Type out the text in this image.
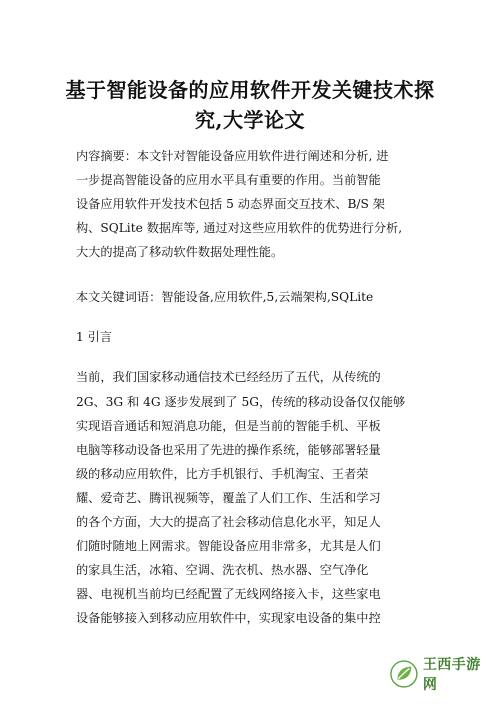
基于智能设备的应用软件开发关键技术探
究,大学论文
内容摘要：本文针对智能设备应用软件进行阐述和分析, 进
一步提高智能设备的应用水平具有重要的作用。当前智能
设备应用软件开发技术包括 5 动态界面交互技术、B/S 架
构、SQLite 数据库等, 通过对这些应用软件的优势进行分析,
大大的提高了移动软件数据处理性能。
本文关键词语：智能设备,应用软件,5,云端架构,SQLite
1 引言
当前，我们国家移动通信技术已经经历了五代，从传统的
2G、3G 和 4G 逐步发展到了 5G，传统的移动设备仅仅能够
实现语音通话和短消息功能，但是当前的智能手机、平板
电脑等移动设备也采用了先进的操作系统，能够部署轻量
级的移动应用软件，比方手机银行、手机淘宝、王者荣
耀、爱奇艺、腾讯视频等，覆盖了人们工作、生活和学习
的各个方面，大大的提高了社会移动信息化水平，知足人
们随时随地上网需求。智能设备应用非常多，尤其是人们
的家具生活，冰箱、空调、洗衣机、热水器、空气净化
器、电视机当前均已经配置了无线网络接入卡，这些家电
设备能够接入到移动应用软件中，实现家电设备的集中控
王西手游网
